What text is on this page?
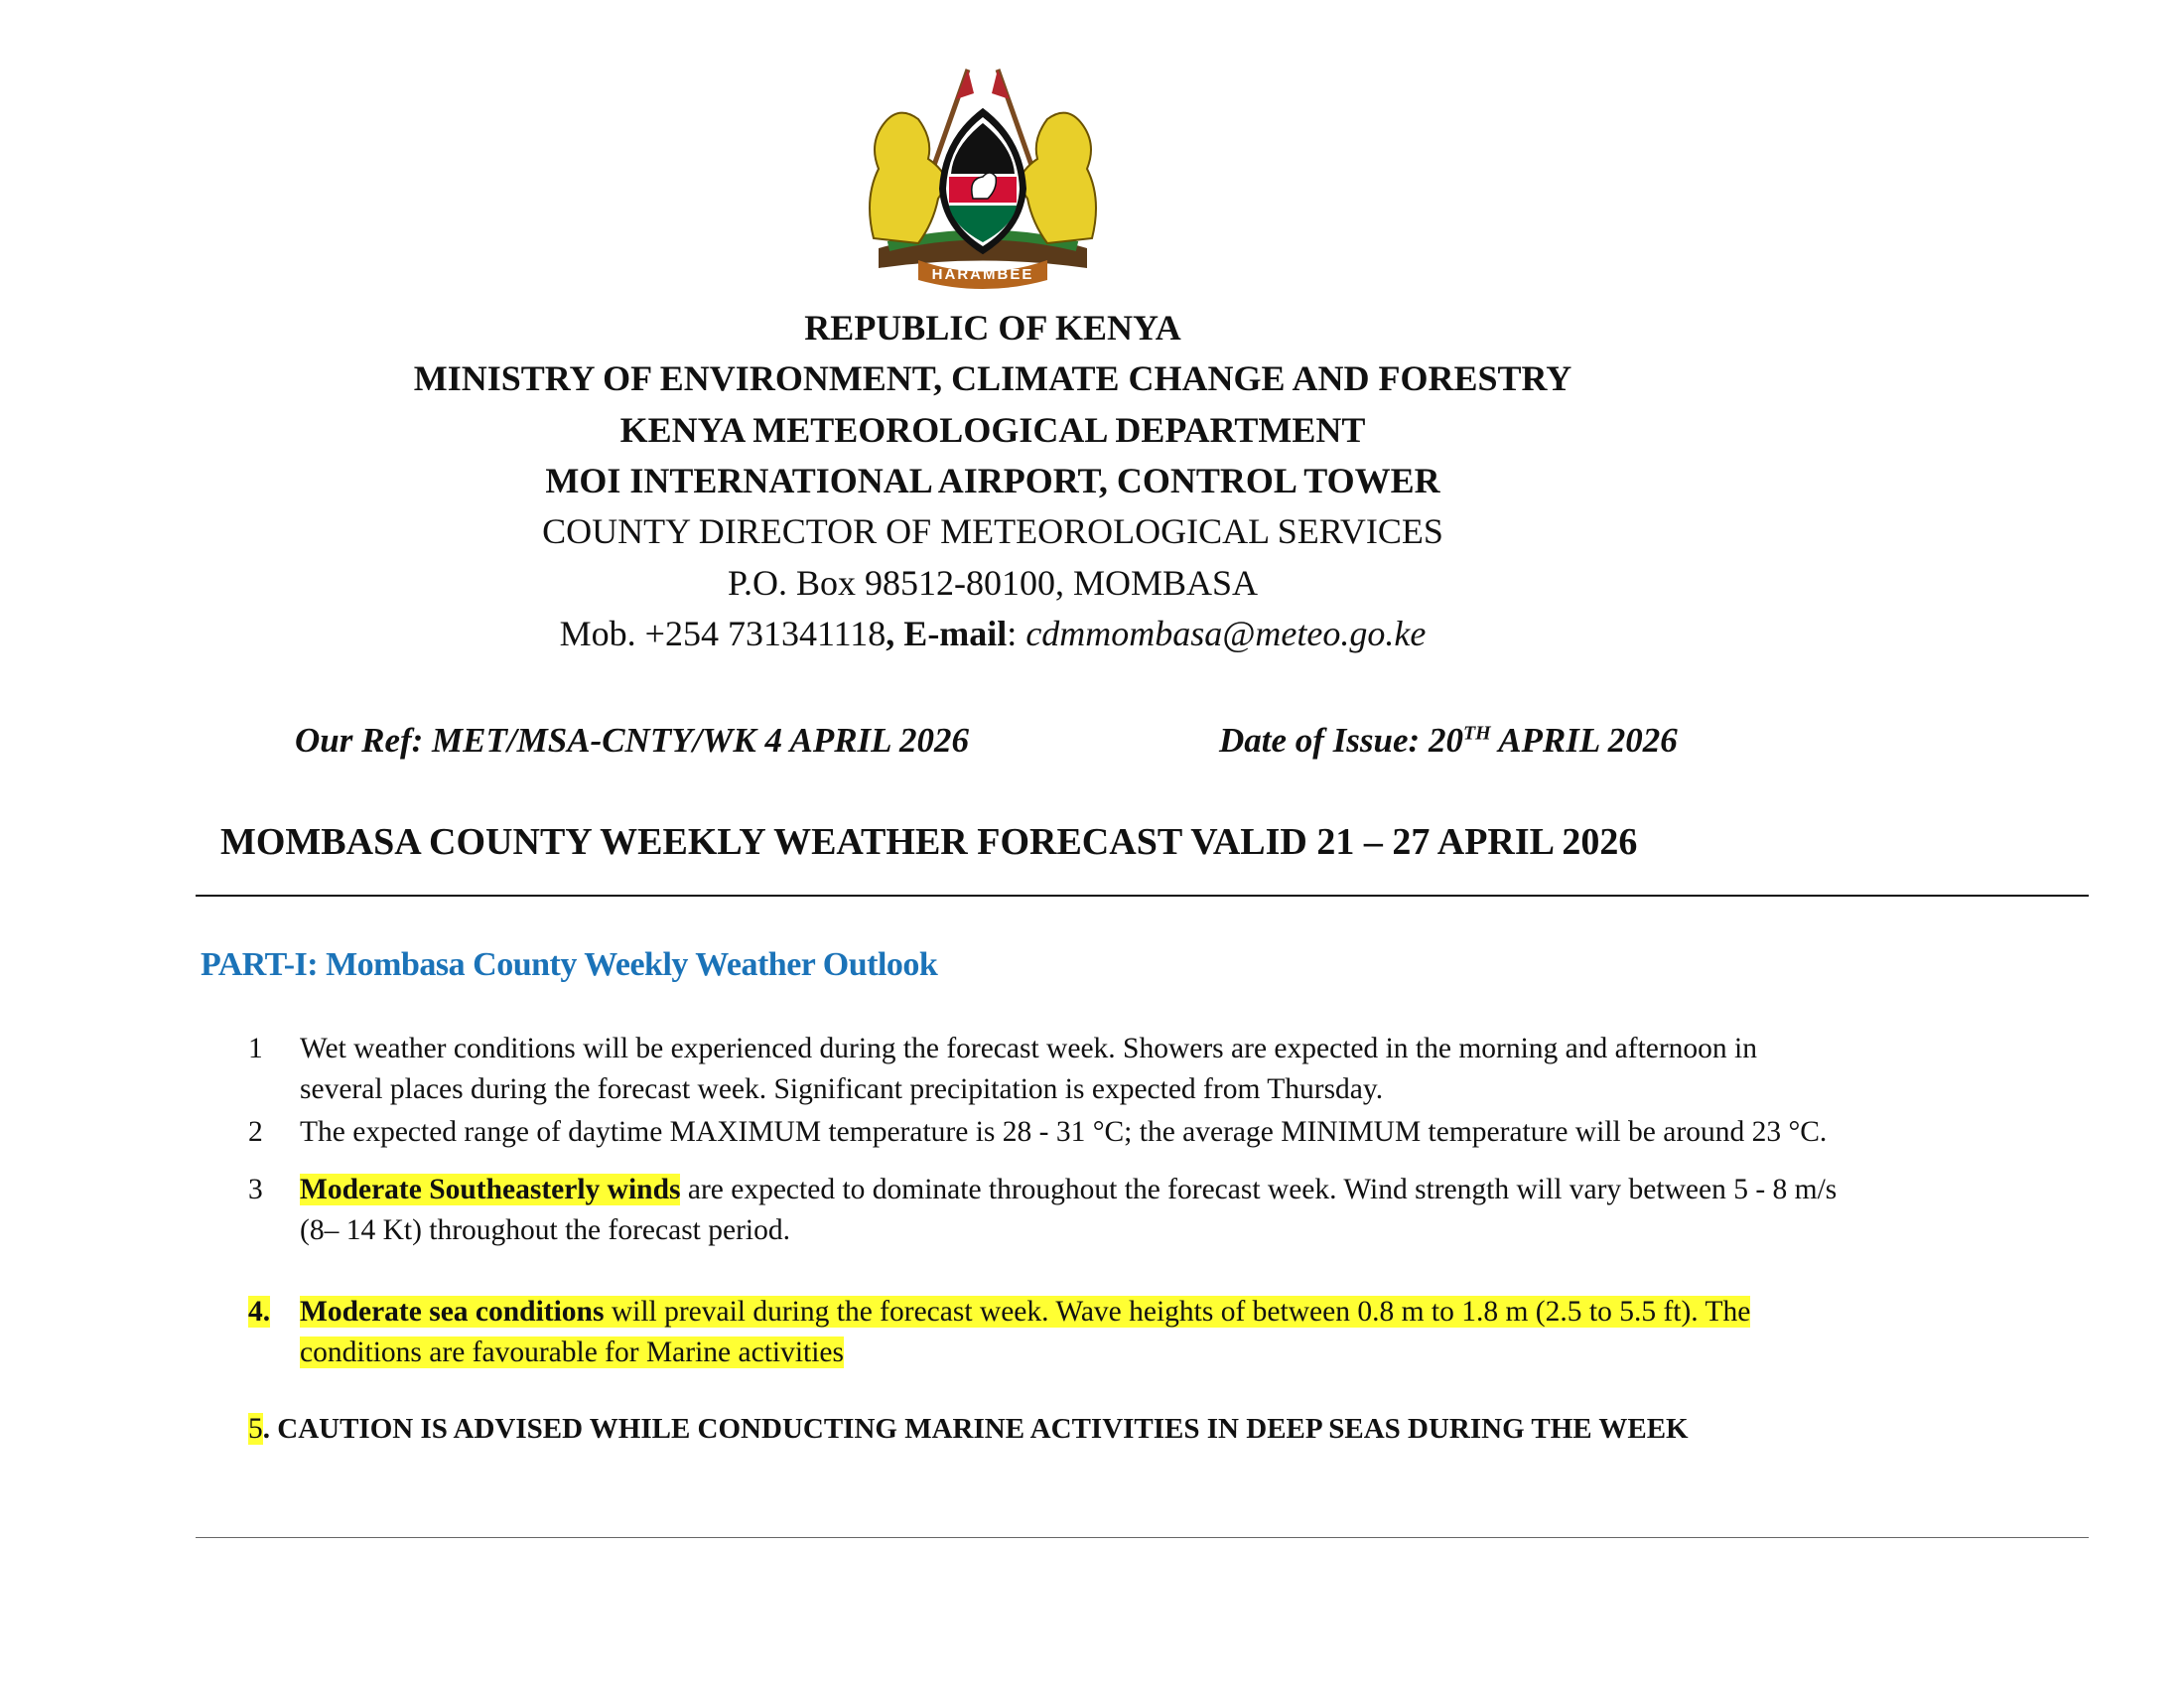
HARAMBEE
REPUBLIC OF KENYA
MINISTRY OF ENVIRONMENT, CLIMATE CHANGE AND FORESTRY
KENYA METEOROLOGICAL DEPARTMENT
MOI INTERNATIONAL AIRPORT, CONTROL TOWER
COUNTY DIRECTOR OF METEOROLOGICAL SERVICES
P.O. Box 98512-80100, MOMBASA
Mob. +254 731341118, E-mail: cdmmombasa@meteo.go.ke
Our Ref: MET/MSA-CNTY/WK 4 APRIL 2026	Date of Issue: 20TH APRIL 2026
MOMBASA COUNTY WEEKLY WEATHER FORECAST VALID 21 – 27 APRIL 2026
PART-I: Mombasa County Weekly Weather Outlook
1 Wet weather conditions will be experienced during the forecast week. Showers are expected in the morning and afternoon in
several places during the forecast week. Significant precipitation is expected from Thursday.
2 The expected range of daytime MAXIMUM temperature is 28 - 31 °C; the average MINIMUM temperature will be around 23 °C.
3 Moderate Southeasterly winds are expected to dominate throughout the forecast week. Wind strength will vary between 5 - 8 m/s
(8– 14 Kt) throughout the forecast period.
4. Moderate sea conditions will prevail during the forecast week. Wave heights of between 0.8 m to 1.8 m (2.5 to 5.5 ft). The
conditions are favourable for Marine activities
5. CAUTION IS ADVISED WHILE CONDUCTING MARINE ACTIVITIES IN DEEP SEAS DURING THE WEEK
